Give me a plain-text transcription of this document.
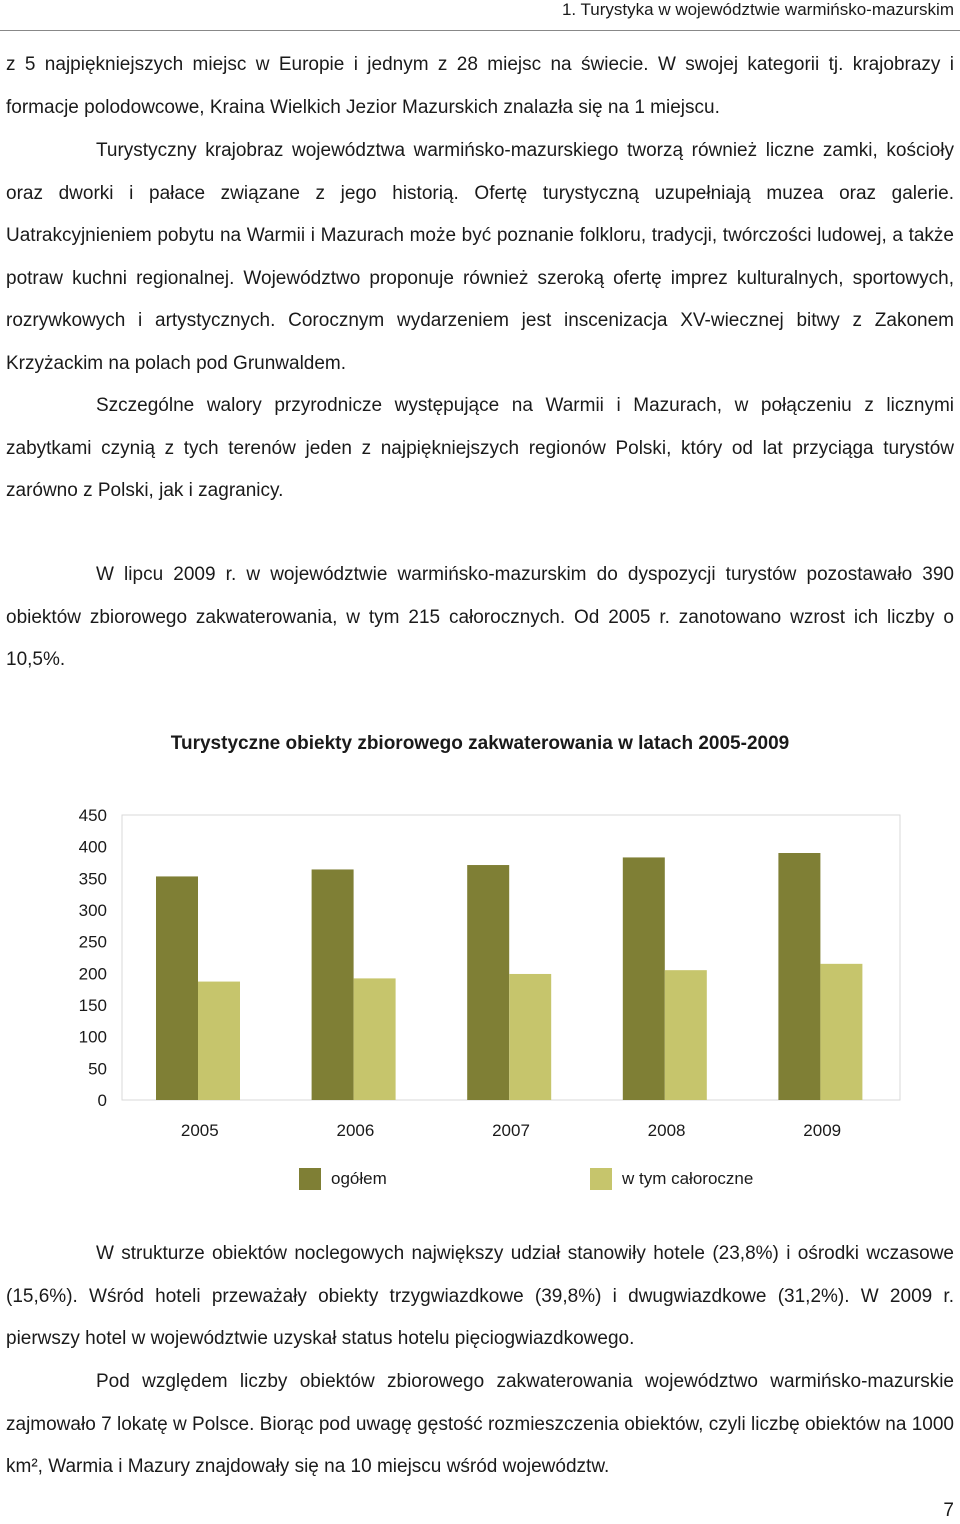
1. Turystyka w województwie warmińsko-mazurskim

z 5 najpiękniejszych miejsc w Europie i jednym z 28 miejsc na świecie. W swojej kategorii tj. krajobrazy i formacje polodowcowe, Kraina Wielkich Jezior Mazurskich znalazła się na 1 miejscu.

Turystyczny krajobraz województwa warmińsko-mazurskiego tworzą również liczne zamki, kościoły oraz dworki i pałace związane z jego historią. Ofertę turystyczną uzupełniają muzea oraz galerie. Uatrakcyjnieniem pobytu na Warmii i Mazurach może być poznanie folkloru, tradycji, twórczości ludowej, a także potraw kuchni regionalnej. Województwo proponuje również szeroką ofertę imprez kulturalnych, sportowych, rozrywkowych i artystycznych. Corocznym wydarzeniem jest inscenizacja XV-wiecznej bitwy z Zakonem Krzyżackim na polach pod Grunwaldem.

Szczególne walory przyrodnicze występujące na Warmii i Mazurach, w połączeniu z licznymi zabytkami czynią z tych terenów jeden z najpiękniejszych regionów Polski, który od lat przyciąga turystów zarówno z Polski, jak i zagranicy.

W lipcu 2009 r. w województwie warmińsko-mazurskim do dyspozycji turystów pozostawało 390 obiektów zbiorowego zakwaterowania, w tym 215 całorocznych. Od 2005 r. zanotowano wzrost ich liczby o 10,5%.

Turystyczne obiekty zbiorowego zakwaterowania w latach 2005-2009
0
50
100
150
200
250
300
350
400
450
2005	2006	2007	2008	2009
ogółem	w tym całoroczne

W strukturze obiektów noclegowych największy udział stanowiły hotele (23,8%) i ośrodki wczasowe (15,6%). Wśród hoteli przeważały obiekty trzygwiazdkowe (39,8%) i dwugwiazdkowe (31,2%). W 2009 r. pierwszy hotel w województwie uzyskał status hotelu pięciogwiazdkowego.

Pod względem liczby obiektów zbiorowego zakwaterowania województwo warmińsko-mazurskie zajmowało 7 lokatę w Polsce. Biorąc pod uwagę gęstość rozmieszczenia obiektów, czyli liczbę obiektów na 1000 km², Warmia i Mazury znajdowały się na 10 miejscu wśród województw.

7
